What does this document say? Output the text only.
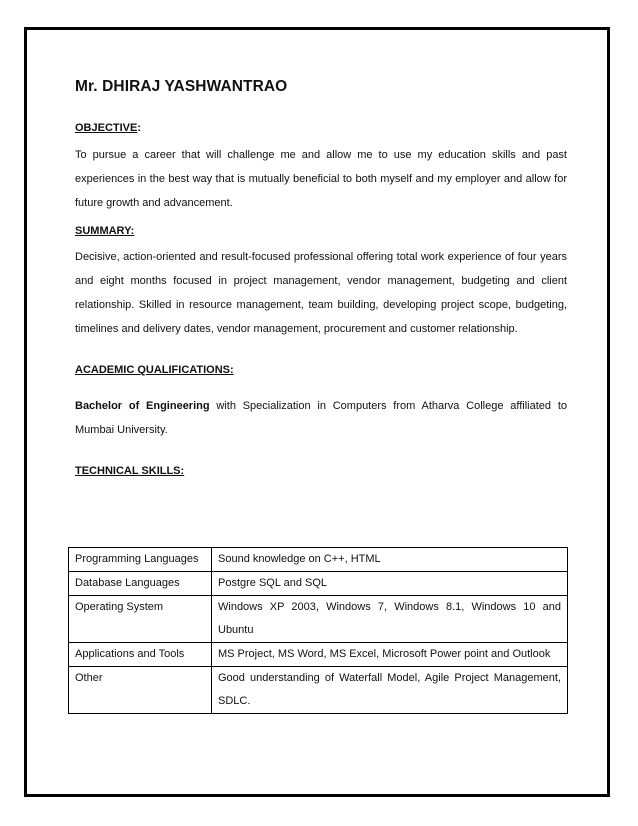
Mr. DHIRAJ YASHWANTRAO

OBJECTIVE:

To pursue a career that will challenge me and allow me to use my education skills and past experiences in the best way that is mutually beneficial to both myself and my employer and allow for future growth and advancement.

SUMMARY:

Decisive, action-oriented and result-focused professional offering total work experience of four years and eight months focused in project management, vendor management, budgeting and client relationship. Skilled in resource management, team building, developing project scope, budgeting, timelines and delivery dates, vendor management, procurement and customer relationship.

ACADEMIC QUALIFICATIONS:

Bachelor of Engineering with Specialization in Computers from Atharva College affiliated to Mumbai University.

TECHNICAL SKILLS:

Programming Languages	Sound knowledge on C++, HTML
Database Languages	Postgre SQL and SQL
Operating System	Windows XP 2003, Windows 7, Windows 8.1, Windows 10 and Ubuntu
Applications and Tools	MS Project, MS Word, MS Excel, Microsoft Power point and Outlook
Other	Good understanding of Waterfall Model, Agile Project Management, SDLC.
